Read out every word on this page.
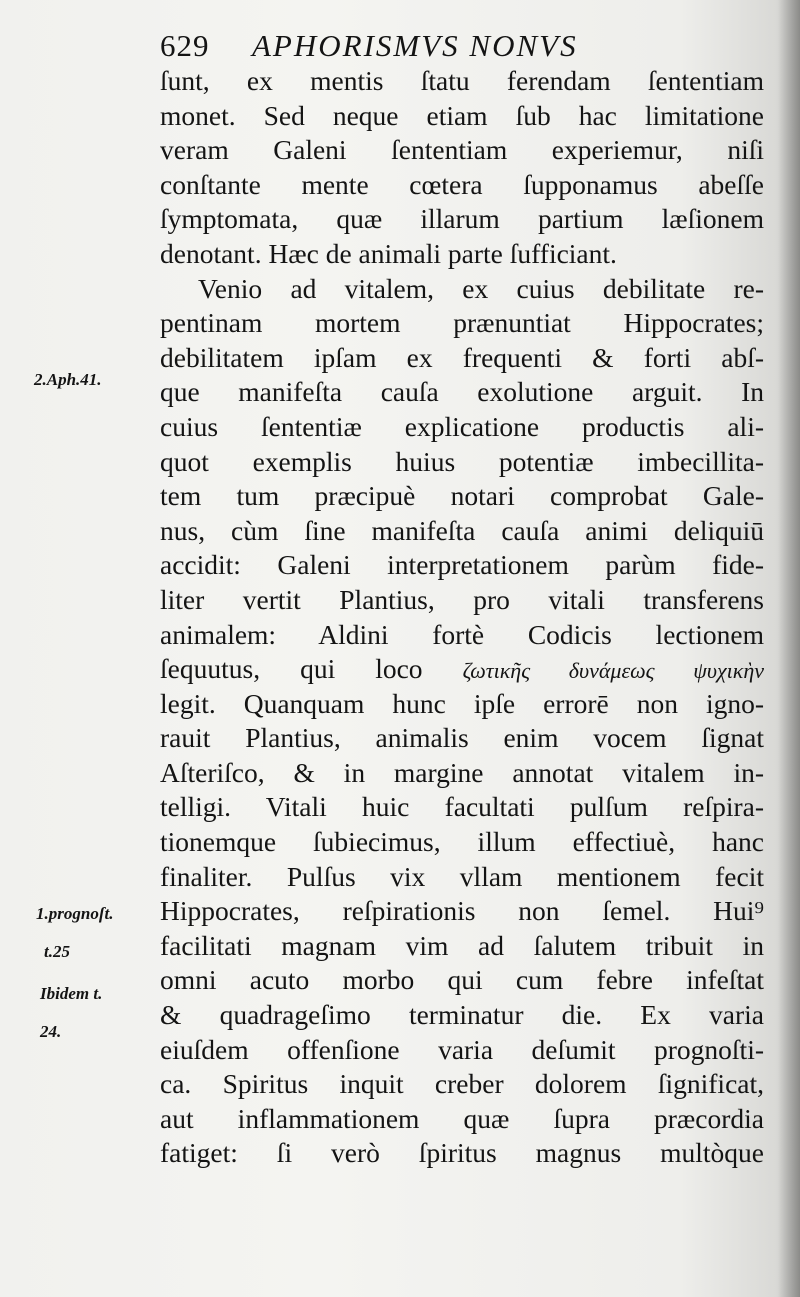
629 APHORISMVS NONVS
ſunt, ex mentis ſtatu ferendam ſententiam
monet. Sed neque etiam ſub hac limitatione
veram Galeni ſententiam experiemur, niſi
conſtante mente cœtera ſupponamus abeſſe
ſymptomata, quæ illarum partium læſionem
denotant. Hæc de animali parte ſufficiant.
Venio ad vitalem, ex cuius debilitate re-
pentinam mortem prænuntiat Hippocrates;
debilitatem ipſam ex frequenti & forti abſ-
que manifeſta cauſa exolutione arguit. In
cuius ſententiæ explicatione productis ali-
quot exemplis huius potentiæ imbecillita-
tem tum præcipuè notari comprobat Gale-
nus, cùm ſine manifeſta cauſa animi deliquiū
accidit: Galeni interpretationem parùm fide-
liter vertit Plantius, pro vitali transferens
animalem: Aldini fortè Codicis lectionem
ſequutus, qui loco ζωτικῆς δυνάμεως ψυχικὴν
legit. Quanquam hunc ipſe errorē non igno-
rauit Plantius, animalis enim vocem ſignat
Aſteriſco, & in margine annotat vitalem in-
telligi. Vitali huic facultati pulſum reſpira-
tionemque ſubiecimus, illum effectiuè, hanc
finaliter. Pulſus vix vllam mentionem fecit
Hippocrates, reſpirationis non ſemel. Hui⁹
facilitati magnam vim ad ſalutem tribuit in
omni acuto morbo qui cum febre infeſtat
& quadrageſimo terminatur die. Ex varia
eiuſdem offenſione varia deſumit prognoſti-
ca. Spiritus inquit creber dolorem ſignificat,
aut inflammationem quæ ſupra præcordia
fatiget: ſi verò ſpiritus magnus multòque
2.Aph.41.
1.prognoſt.
t.25
Ibidem t.
24.
